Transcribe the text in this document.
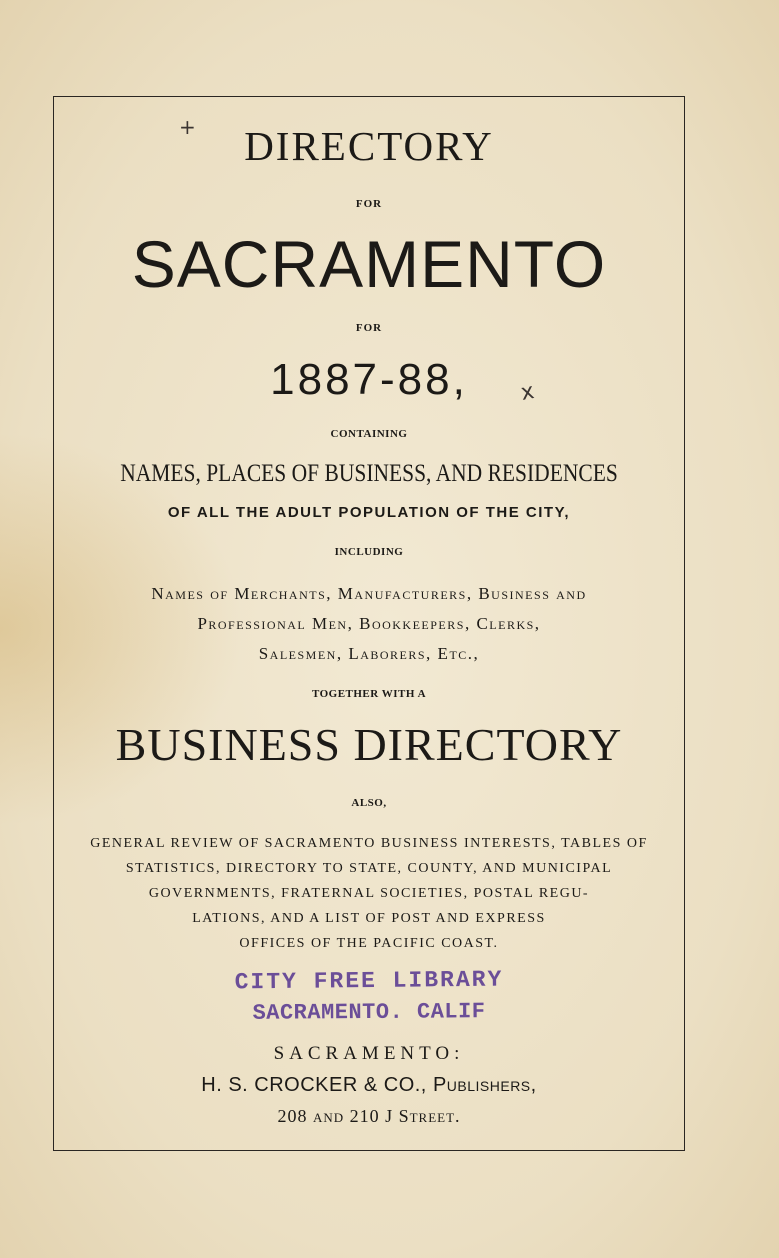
+
x
DIRECTORY
FOR
SACRAMENTO
FOR
1887-88,
CONTAINING
NAMES, PLACES OF BUSINESS, AND RESIDENCES
OF ALL THE ADULT POPULATION OF THE CITY,
INCLUDING
Names of Merchants, Manufacturers, Business and
Professional Men, Bookkeepers, Clerks,
Salesmen, Laborers, Etc.,
TOGETHER WITH A
BUSINESS DIRECTORY
ALSO,
GENERAL REVIEW OF SACRAMENTO BUSINESS INTERESTS, TABLES OF
STATISTICS, DIRECTORY TO STATE, COUNTY, AND MUNICIPAL
GOVERNMENTS, FRATERNAL SOCIETIES, POSTAL REGU-
LATIONS, AND A LIST OF POST AND EXPRESS
OFFICES OF THE PACIFIC COAST.
CITY FREE LIBRARY
SACRAMENTO. CALIF
SACRAMENTO:
H. S. CROCKER & CO., Publishers,
208 and 210 J Street.
